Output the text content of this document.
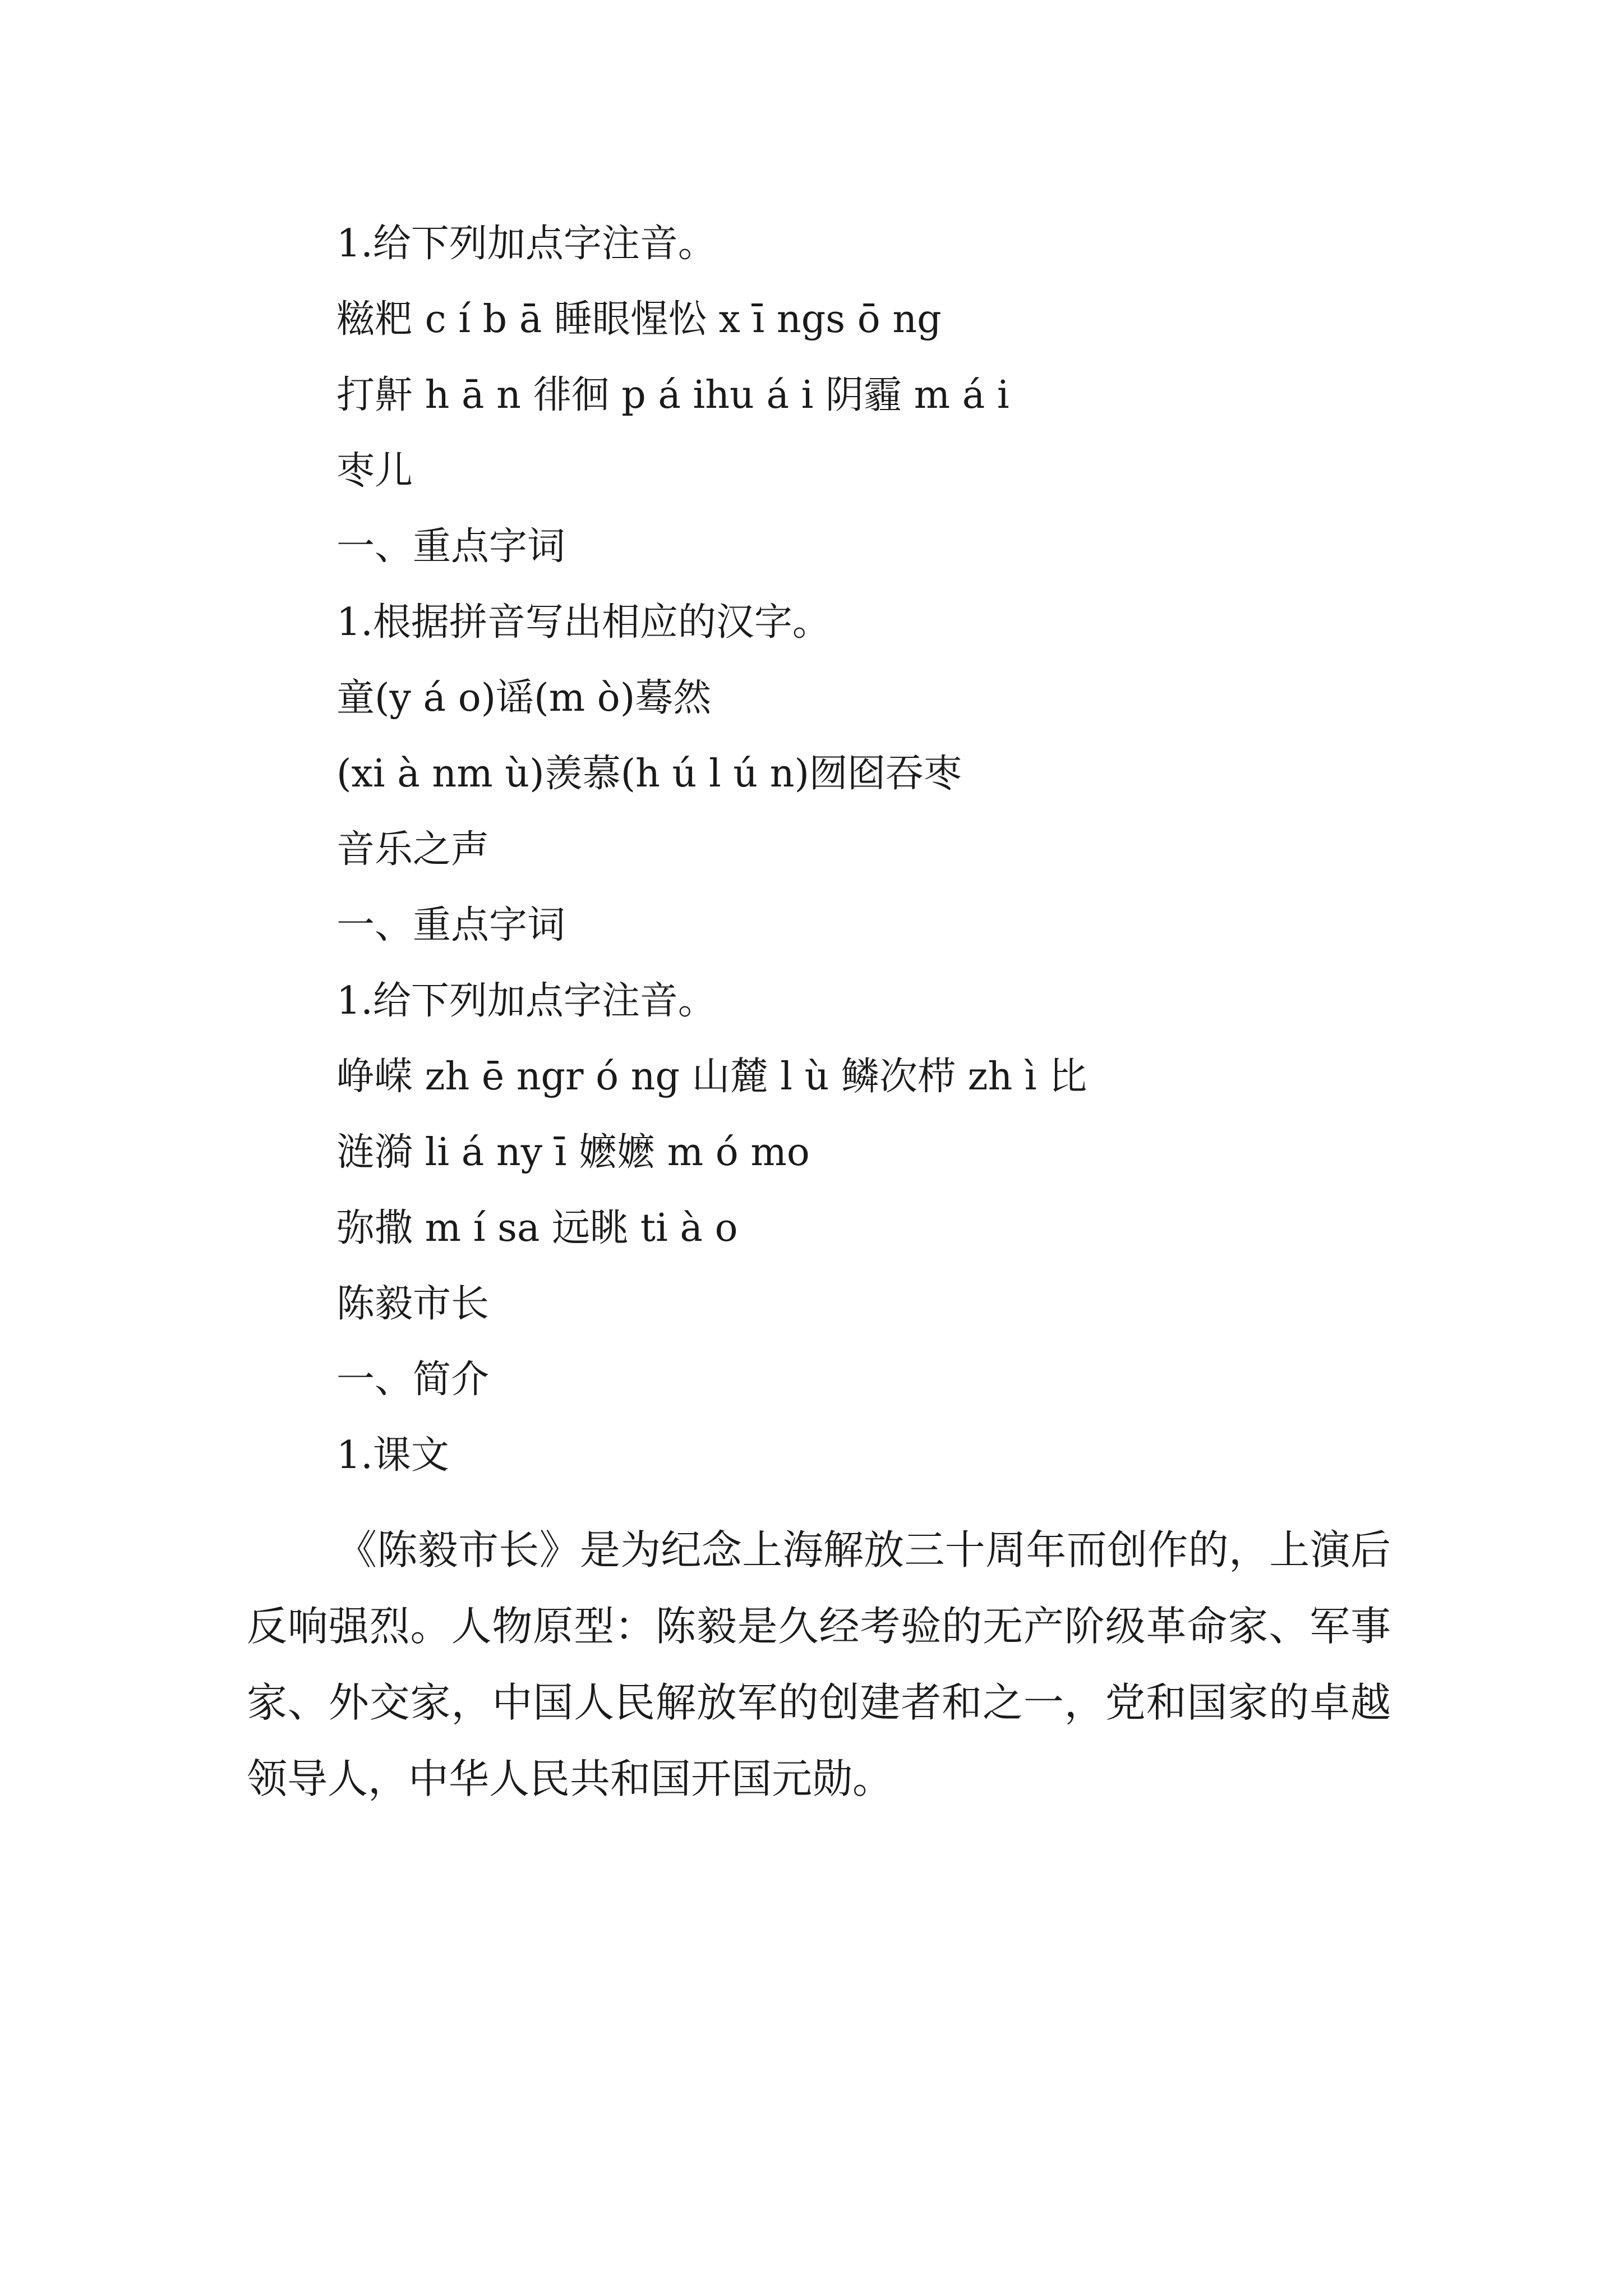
1.给下列加点字注音。
糍粑 c í b ā 睡眼惺忪 x ī ngs ō ng
打鼾 h ā n 徘徊 p á ihu á i 阴霾 m á i
枣儿
一、重点字词
1.根据拼音写出相应的汉字。
童(y á o)谣(m ò)蓦然
(xi à nm ù)羡慕(h ú l ú n)囫囵吞枣
音乐之声
一、重点字词
1.给下列加点字注音。
峥嵘 zh ē ngr ó ng 山麓 l ù 鳞次栉 zh ì 比
涟漪 li á ny ī 嬷嬷 m ó mo
弥撒 m í sa 远眺 ti à o
陈毅市长
一、简介
1.课文
《陈毅市长》是为纪念上海解放三十周年而创作的，上演后反响强烈。人物原型：陈毅是久经考验的无产阶级革命家、军事家、外交家，中国人民解放军的创建者和之一，党和国家的卓越领导人，中华人民共和国开国元勋。
